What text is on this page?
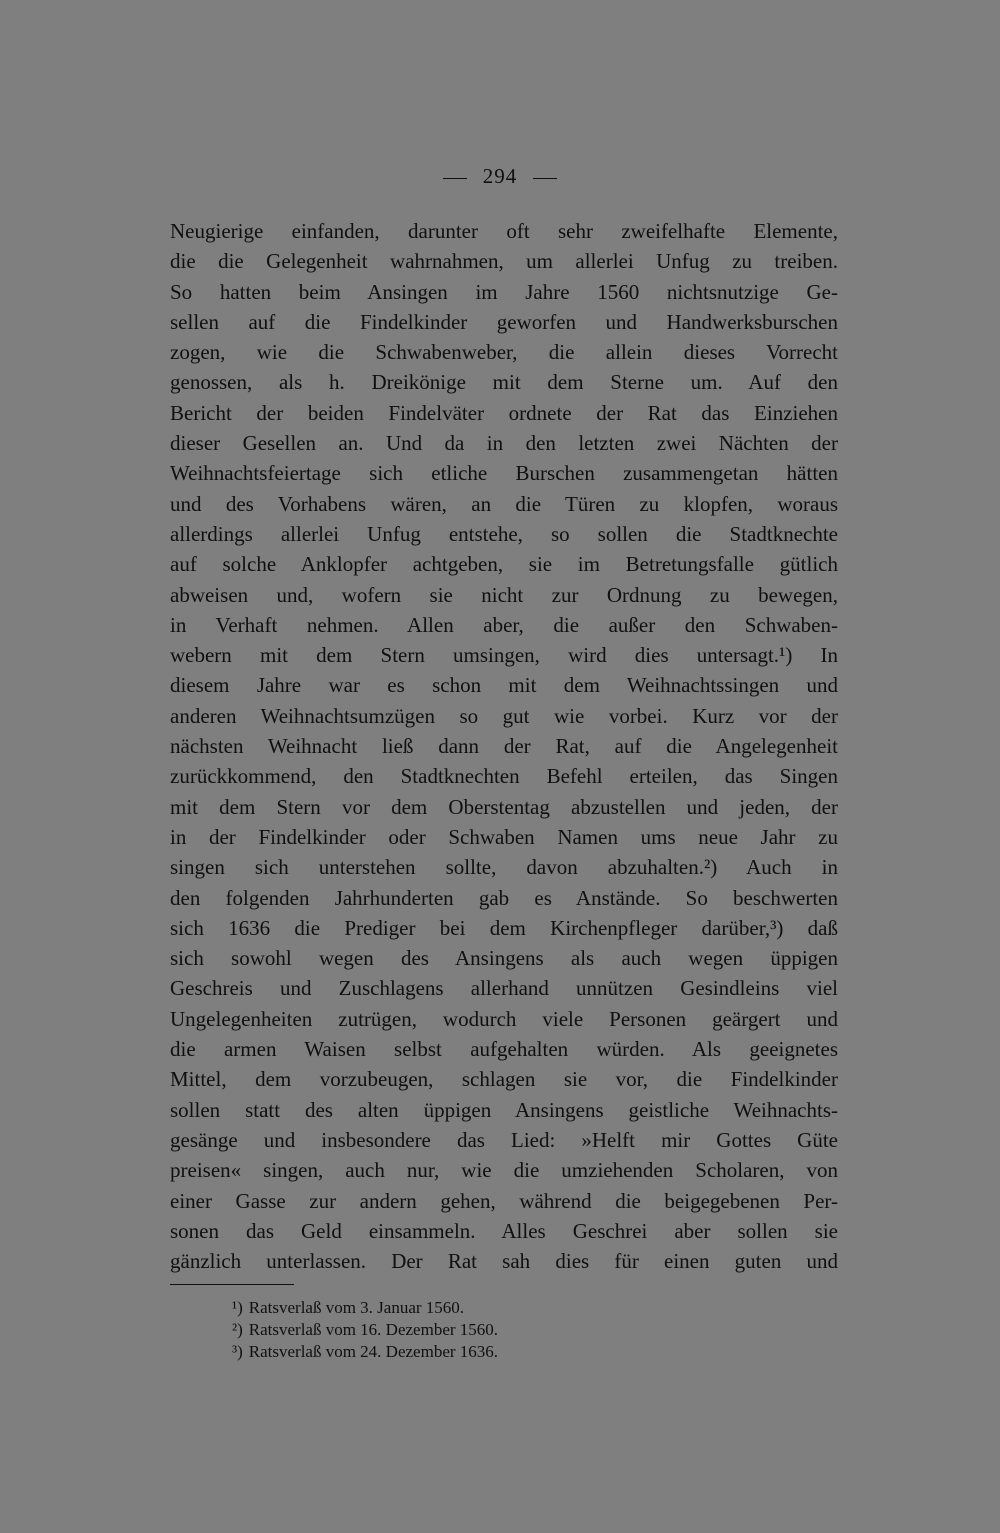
294
Neugierige einfanden, darunter oft sehr zweifelhafte Elemente,
die die Gelegenheit wahrnahmen, um allerlei Unfug zu treiben.
So hatten beim Ansingen im Jahre 1560 nichtsnutzige Ge-
sellen auf die Findelkinder geworfen und Handwerksburschen
zogen, wie die Schwabenweber, die allein dieses Vorrecht
genossen, als h. Dreikönige mit dem Sterne um. Auf den
Bericht der beiden Findelväter ordnete der Rat das Einziehen
dieser Gesellen an. Und da in den letzten zwei Nächten der
Weihnachtsfeiertage sich etliche Burschen zusammengetan hätten
und des Vorhabens wären, an die Türen zu klopfen, woraus
allerdings allerlei Unfug entstehe, so sollen die Stadtknechte
auf solche Anklopfer achtgeben, sie im Betretungsfalle gütlich
abweisen und, wofern sie nicht zur Ordnung zu bewegen,
in Verhaft nehmen. Allen aber, die außer den Schwaben-
webern mit dem Stern umsingen, wird dies untersagt.¹) In
diesem Jahre war es schon mit dem Weihnachtssingen und
anderen Weihnachtsumzügen so gut wie vorbei. Kurz vor der
nächsten Weihnacht ließ dann der Rat, auf die Angelegenheit
zurückkommend, den Stadtknechten Befehl erteilen, das Singen
mit dem Stern vor dem Oberstentag abzustellen und jeden, der
in der Findelkinder oder Schwaben Namen ums neue Jahr zu
singen sich unterstehen sollte, davon abzuhalten.²) Auch in
den folgenden Jahrhunderten gab es Anstände. So beschwerten
sich 1636 die Prediger bei dem Kirchenpfleger darüber,³) daß
sich sowohl wegen des Ansingens als auch wegen üppigen
Geschreis und Zuschlagens allerhand unnützen Gesindleins viel
Ungelegenheiten zutrügen, wodurch viele Personen geärgert und
die armen Waisen selbst aufgehalten würden. Als geeignetes
Mittel, dem vorzubeugen, schlagen sie vor, die Findelkinder
sollen statt des alten üppigen Ansingens geistliche Weihnachts-
gesänge und insbesondere das Lied: »Helft mir Gottes Güte
preisen« singen, auch nur, wie die umziehenden Scholaren, von
einer Gasse zur andern gehen, während die beigegebenen Per-
sonen das Geld einsammeln. Alles Geschrei aber sollen sie
gänzlich unterlassen. Der Rat sah dies für einen guten und
¹) Ratsverlaß vom 3. Januar 1560.
²) Ratsverlaß vom 16. Dezember 1560.
³) Ratsverlaß vom 24. Dezember 1636.
